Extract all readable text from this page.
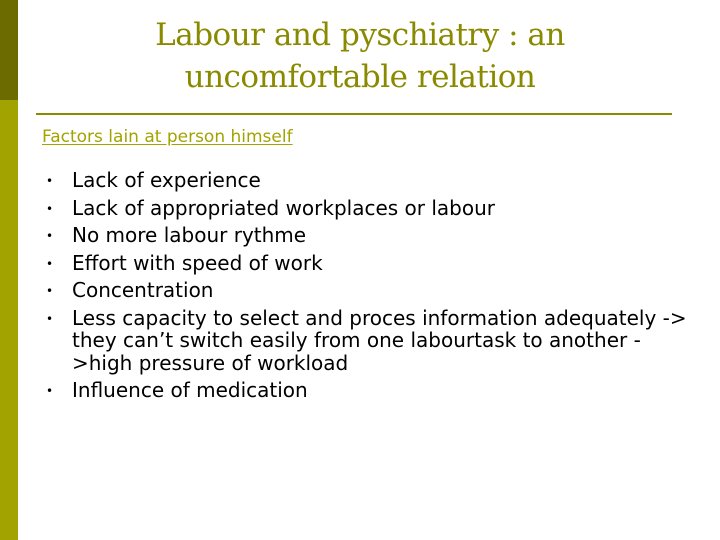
Labour and pyschiatry : an
uncomfortable relation
Factors lain at person himself
• Lack of experience
• Lack of appropriated workplaces or labour
• No more labour rythme
• Effort with speed of work
• Concentration
• Less capacity to select and proces information adequately -> they can’t switch easily from one labourtask to another ->high pressure of workload
• Influence of medication
